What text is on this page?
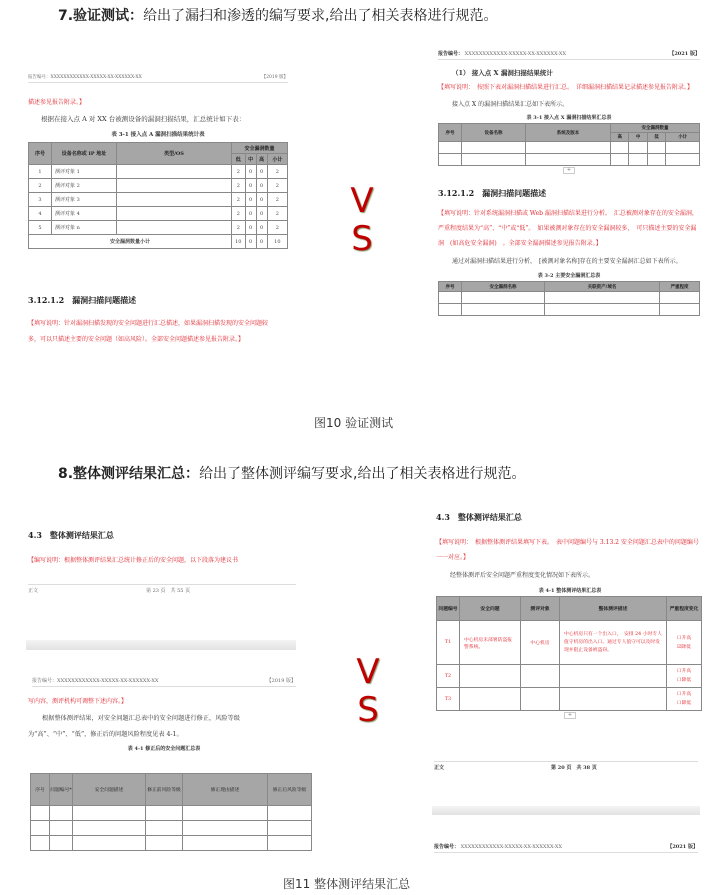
7.验证测试：给出了漏扫和渗透的编写要求,给出了相关表格进行规范。
报告编号：XXXXXXXXXXXX-XXXXX-XX-XXXXXX-XX	【2019 版】
描述参见报告附录。】
根据在接入点 A 对 XX 台被测设备的漏洞扫描结果，汇总统计如下表：
表 3-1 接入点 A 漏洞扫描结果统计表
序号	设备名称或 IP 地址	类型/OS	安全漏洞数量			
			低	中	高	小计
1	测评对象 1		2	0	0	2
2	测评对象 2		2	0	0	2
3	测评对象 3		2	0	0	2
4	测评对象 4		2	0	0	2
5	测评对象 n		2	0	0	2
安全漏洞数量小计			10	0	0	10
3.12.1.2　漏洞扫描问题描述
【填写说明：针对漏洞扫描发现的安全问题进行汇总描述，如果漏洞扫描发现的安全问题较多，可以只描述主要的安全问题（如高风险）。全部安全问题描述参见报告附录。】
V
S
报告编号： XXXXXXXXXXXX-XXXXX-XX-XXXXXX-XX	【2021 版】
（1） 接入点 X 漏洞扫描结果统计
【填写说明：　按照下表对漏洞扫描结果进行汇总。　详细漏洞扫描结果记录描述参见报告附录。】
接入点 X 的漏洞扫描结果汇总如下表所示。
表 3-1 接入点 X 漏洞扫描结果汇总表
序号	设备名称	系统及版本	安全漏洞数量			
			高	中	低	小计

+
3.12.1.2　漏洞扫描问题描述
【填写说明：针对系统漏洞扫描或 Web 漏洞扫描结果进行分析。　汇总被测对象存在的安全漏洞，严重程度结果为“高”、“中”或“低”。　如果被测对象存在的安全漏洞较多，　可只描述主要的安全漏洞　(如高危安全漏洞)　。全部安全漏洞描述参见报告附录。】
通过对漏洞扫描结果进行分析，　[被测对象名称]存在的主要安全漏洞汇总如下表所示。
表 3-2 主要安全漏洞汇总表
序号	安全漏洞名称	关联资产/域名	严重程度

图10 验证测试
8.整体测评结果汇总：给出了整体测评编写要求,给出了相关表格进行规范。
4.3　整体测评结果汇总
【编写说明：根据整体测评结果汇总统计修正后的安全问题，以下段落为建议书
正文	第 23 页　共 55 页
报告编号：XXXXXXXXXXXX-XXXXX-XX-XXXXXX-XX	【2019 版】
写内容，测评机构可调整下述内容。】
根据整体测评结果，对安全问题汇总表中的安全问题进行修正，风险等级为“高”、“中”、“低”，修正后的问题风险程度见表 4-1。
表 4-1 修正后的安全问题汇总表
序号	问题编号*	安全问题描述	修正前风险等级	修正理由描述	修正后风险等级

V
S
4.3　整体测评结果汇总
【填写说明：　根据整体测评结果填写下表。　表中问题编号与 3.13.2 安全问题汇总表中的问题编号一一对应。】
经整体测评后安全问题严重程度变化情况如下表所示。
表 4-1 整体测评结果汇总表
问题编号	安全问题	测评对象	整体测评描述	严重程度变化
T1	中心机房未部署防盗报警系统。	中心机房	中心机房只有一个出入口，　安排 24 小时专人值守机房的出入口。通过专人值守可以及时发现并阻止设备被盗窃。	口升高
☑降低

T2				口升高
口降低

T3				口升高
口降低
+
正文	第 20 页　共 38 页
报告编号： XXXXXXXXXXXX-XXXXX-XX-XXXXXX-XX	【2021 版】
图11 整体测评结果汇总
